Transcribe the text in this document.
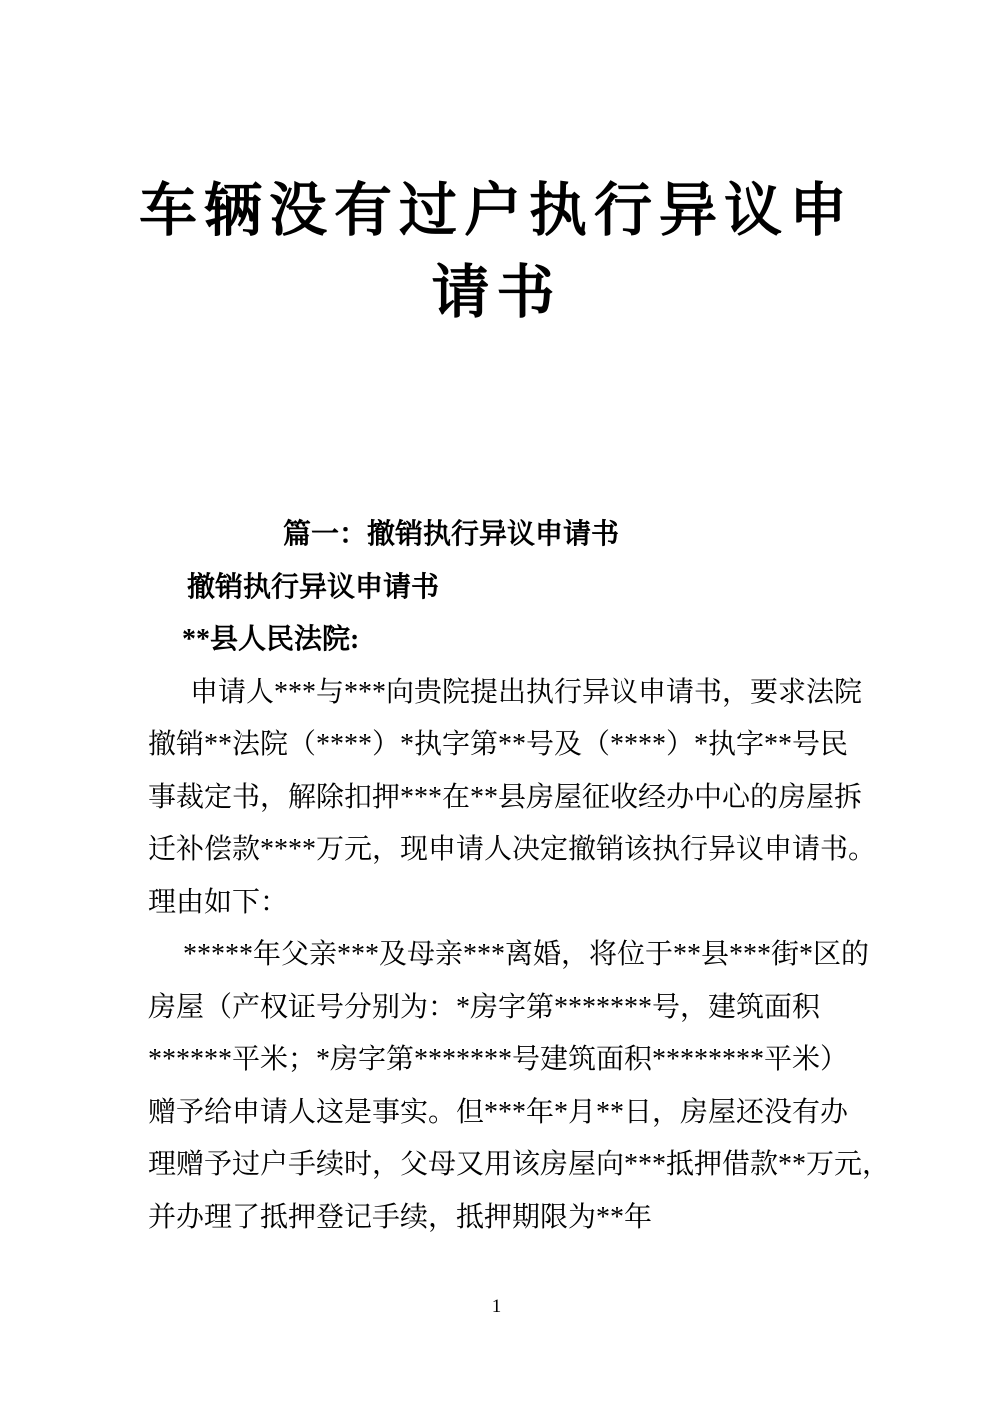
车辆没有过户执行异议申
请书
篇一：撤销执行异议申请书
撤销执行异议申请书
**县人民法院:
申请人***与***向贵院提出执行异议申请书，要求法院
撤销**法院（****）*执字第**号及（****）*执字**号民
事裁定书，解除扣押***在**县房屋征收经办中心的房屋拆
迁补偿款****万元，现申请人决定撤销该执行异议申请书。
理由如下：
*****年父亲***及母亲***离婚，将位于**县***街*区的
房屋（产权证号分别为：*房字第*******号，建筑面积
******平米；*房字第*******号建筑面积********平米）
赠予给申请人这是事实。但***年*月**日，房屋还没有办
理赠予过户手续时，父母又用该房屋向***抵押借款**万元，
并办理了抵押登记手续，抵押期限为**年
1
